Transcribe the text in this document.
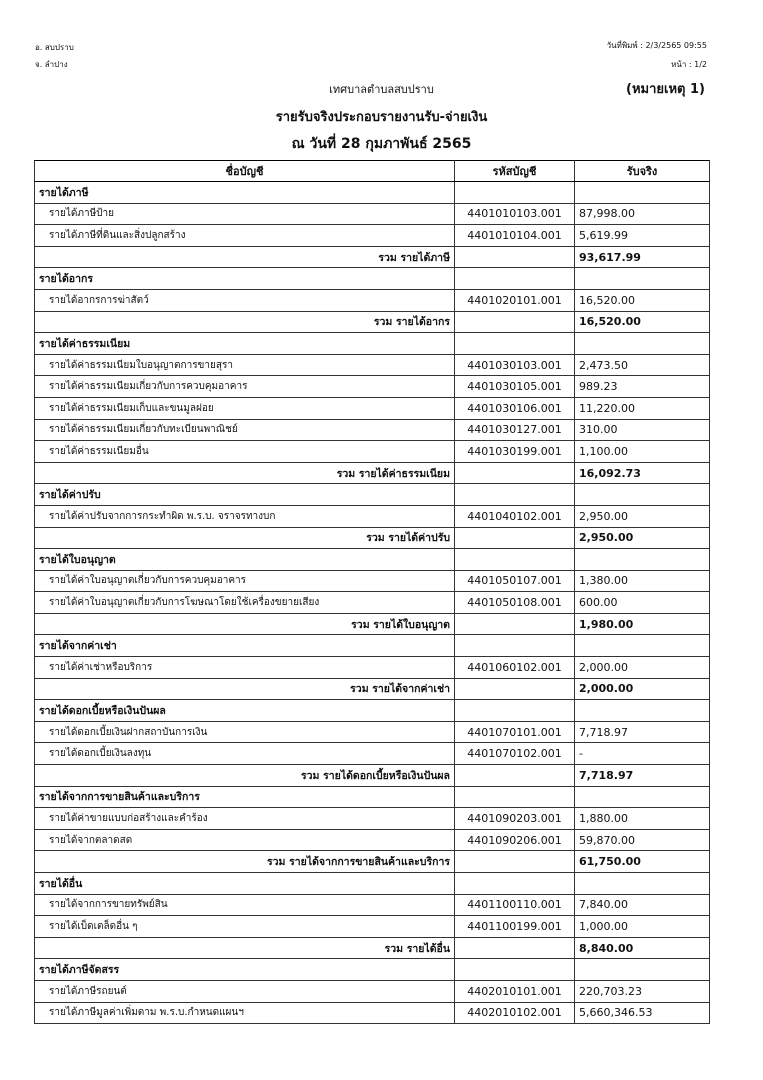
อ. สบปราบ
จ. ลำปาง
วันที่พิมพ์ : 2/3/2565 09:55
หน้า : 1/2
เทศบาลตำบลสบปราบ	(หมายเหตุ 1)
รายรับจริงประกอบรายงานรับ-จ่ายเงิน
ณ วันที่ 28 กุมภาพันธ์ 2565
ชื่อบัญชี	รหัสบัญชี	รับจริง
รายได้ภาษี		
รายได้ภาษีป้าย	4401010103.001	87,998.00
รายได้ภาษีที่ดินและสิ่งปลูกสร้าง	4401010104.001	5,619.99
รวม รายได้ภาษี		93,617.99
รายได้อากร		
รายได้อากรการฆ่าสัตว์	4401020101.001	16,520.00
รวม รายได้อากร		16,520.00
รายได้ค่าธรรมเนียม		
รายได้ค่าธรรมเนียมใบอนุญาตการขายสุรา	4401030103.001	2,473.50
รายได้ค่าธรรมเนียมเกี่ยวกับการควบคุมอาคาร	4401030105.001	989.23
รายได้ค่าธรรมเนียมเก็บและขนมูลฝอย	4401030106.001	11,220.00
รายได้ค่าธรรมเนียมเกี่ยวกับทะเบียนพาณิชย์	4401030127.001	310.00
รายได้ค่าธรรมเนียมอื่น	4401030199.001	1,100.00
รวม รายได้ค่าธรรมเนียม		16,092.73
รายได้ค่าปรับ		
รายได้ค่าปรับจากการกระทำผิด พ.ร.บ. จราจรทางบก	4401040102.001	2,950.00
รวม รายได้ค่าปรับ		2,950.00
รายได้ใบอนุญาต		
รายได้ค่าใบอนุญาตเกี่ยวกับการควบคุมอาคาร	4401050107.001	1,380.00
รายได้ค่าใบอนุญาตเกี่ยวกับการโฆษณาโดยใช้เครื่องขยายเสียง	4401050108.001	600.00
รวม รายได้ใบอนุญาต		1,980.00
รายได้จากค่าเช่า		
รายได้ค่าเช่าหรือบริการ	4401060102.001	2,000.00
รวม รายได้จากค่าเช่า		2,000.00
รายได้ดอกเบี้ยหรือเงินปันผล		
รายได้ดอกเบี้ยเงินฝากสถาบันการเงิน	4401070101.001	7,718.97
รายได้ดอกเบี้ยเงินลงทุน	4401070102.001	-
รวม รายได้ดอกเบี้ยหรือเงินปันผล		7,718.97
รายได้จากการขายสินค้าและบริการ		
รายได้ค่าขายแบบก่อสร้างและคำร้อง	4401090203.001	1,880.00
รายได้จากตลาดสด	4401090206.001	59,870.00
รวม รายได้จากการขายสินค้าและบริการ		61,750.00
รายได้อื่น		
รายได้จากการขายทรัพย์สิน	4401100110.001	7,840.00
รายได้เบ็ดเตล็ดอื่น ๆ	4401100199.001	1,000.00
รวม รายได้อื่น		8,840.00
รายได้ภาษีจัดสรร		
รายได้ภาษีรถยนต์	4402010101.001	220,703.23
รายได้ภาษีมูลค่าเพิ่มตาม พ.ร.บ.กำหนดแผนฯ	4402010102.001	5,660,346.53
